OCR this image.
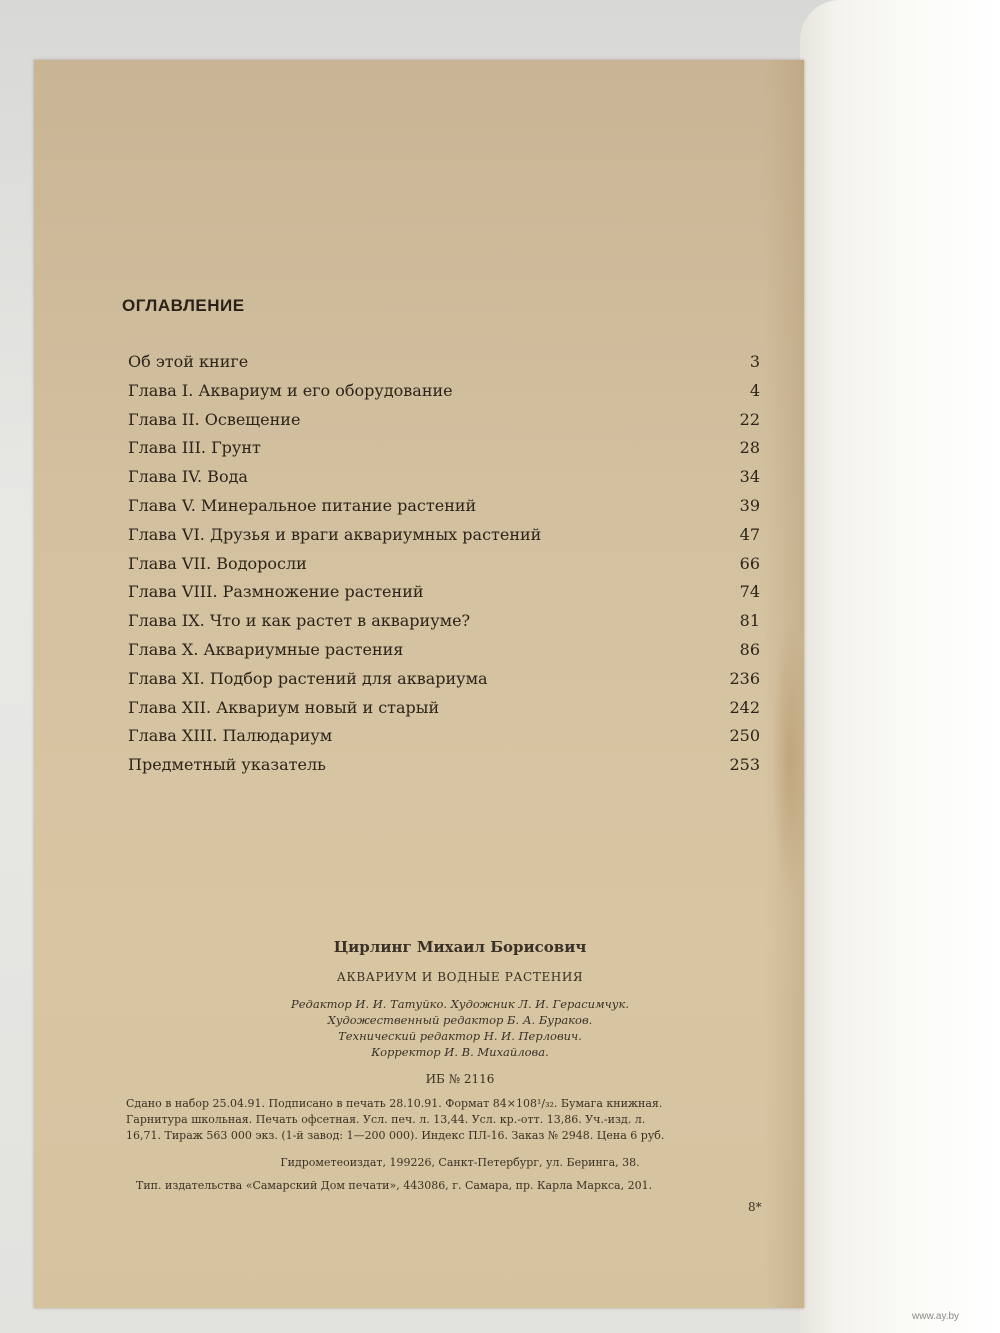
ОГЛАВЛЕНИЕ
Об этой книге	3
Глава I. Аквариум и его оборудование	4
Глава II. Освещение	22
Глава III. Грунт	28
Глава IV. Вода	34
Глава V. Минеральное питание растений	39
Глава VI. Друзья и враги аквариумных растений	47
Глава VII. Водоросли	66
Глава VIII. Размножение растений	74
Глава IX. Что и как растет в аквариуме?	81
Глава X. Аквариумные растения	86
Глава XI. Подбор растений для аквариума	236
Глава XII. Аквариум новый и старый	242
Глава XIII. Палюдариум	250
Предметный указатель	253
Цирлинг Михаил Борисович
АКВАРИУМ И ВОДНЫЕ РАСТЕНИЯ
Редактор И. И. Татуйко. Художник Л. И. Герасимчук.
Художественный редактор Б. А. Бураков.
Технический редактор Н. И. Перлович.
Корректор И. В. Михайлова.
ИБ № 2116
Сдано в набор 25.04.91. Подписано в печать 28.10.91. Формат 84×108¹/₃₂. Бумага книжная.
Гарнитура школьная. Печать офсетная. Усл. печ. л. 13,44. Усл. кр.-отт. 13,86. Уч.-изд. л.
16,71. Тираж 563 000 экз. (1-й завод: 1—200 000). Индекс ПЛ-16. Заказ № 2948. Цена 6 руб.
Гидрометеоиздат, 199226, Санкт-Петербург, ул. Беринга, 38.
Тип. издательства «Самарский Дом печати», 443086, г. Самара, пр. Карла Маркса, 201.
8*
www.ay.by
